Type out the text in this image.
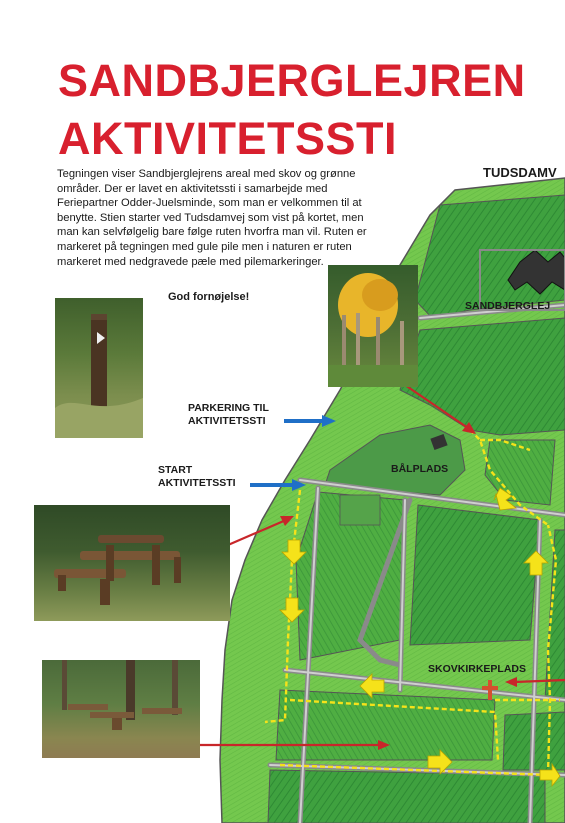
SANDBJERGLEJREN
AKTIVITETSSTI

Tegningen viser Sandbjerglejrens areal med skov og grønne områder. Der er lavet en aktivitetssti i samarbejde med Feriepartner Odder-Juelsminde, som man er velkommen til at benytte. Stien starter ved Tudsdamvej som vist på kortet, men man kan selvfølgelig bare følge ruten hvorfra man vil. Ruten er markeret på tegningen med gule pile men i naturen er ruten markeret med nedgravede pæle med pilemarkeringer.

God fornøjelse!
PARKERING TIL
AKTIVITETSSTI
START
AKTIVITETSSTI
TUDSDAMV
SANDBJERGLEJ
BÅLPLADS
SKOVKIRKEPLADS
